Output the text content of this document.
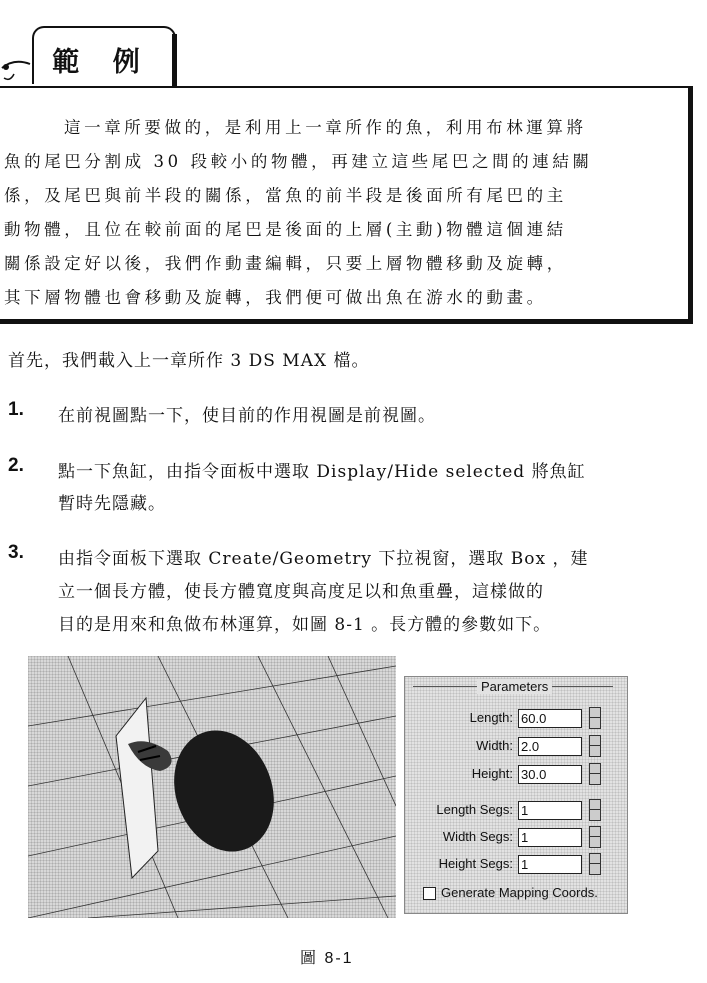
範 例
這一章所要做的，是利用上一章所作的魚，利用布林運算將
魚的尾巴分割成 30 段較小的物體，再建立這些尾巴之間的連結關
係，及尾巴與前半段的關係，當魚的前半段是後面所有尾巴的主
動物體，且位在較前面的尾巴是後面的上層(主動)物體這個連結
關係設定好以後，我們作動畫編輯，只要上層物體移動及旋轉，
其下層物體也會移動及旋轉，我們便可做出魚在游水的動畫。
首先，我們載入上一章所作 3 DS MAX 檔。
1. 在前視圖點一下，使目前的作用視圖是前視圖。
2. 點一下魚缸，由指令面板中選取 Display/Hide selected 將魚缸
暫時先隱藏。
3. 由指令面板下選取 Create/Geometry 下拉視窗，選取 Box ，建
立一個長方體，使長方體寬度與高度足以和魚重疊，這樣做的
目的是用來和魚做布林運算，如圖 8-1 。長方體的參數如下。
Parameters
Length: 60.0
Width: 2.0
Height: 30.0
Length Segs: 1
Width Segs: 1
Height Segs: 1
Generate Mapping Coords.
圖 8-1
